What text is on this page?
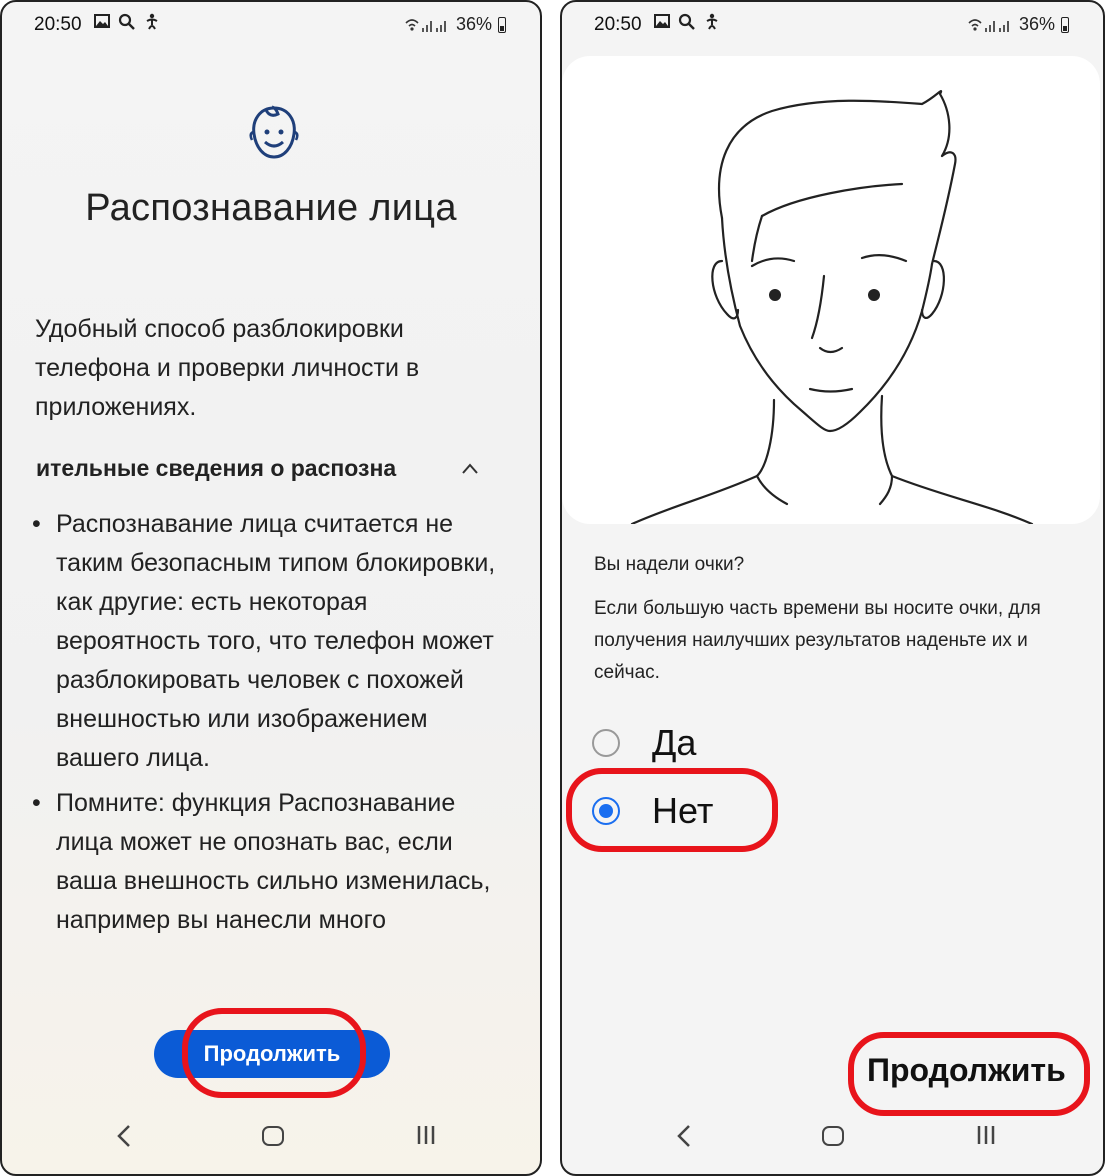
20:50	36%
Распознавание лица
Удобный способ разблокировки телефона и проверки личности в приложениях.
ительные сведения о распозна
• Распознавание лица считается не таким безопасным типом блокировки, как другие: есть некоторая вероятность того, что телефон может разблокировать человек с похожей внешностью или изображением вашего лица.
• Помните: функция Распознавание лица может не опознать вас, если ваша внешность сильно изменилась, например вы нанесли много
Продолжить
20:50	36%
Вы надели очки?
Если большую часть времени вы носите очки, для получения наилучших результатов наденьте их и сейчас.
Да
Нет
Продолжить
